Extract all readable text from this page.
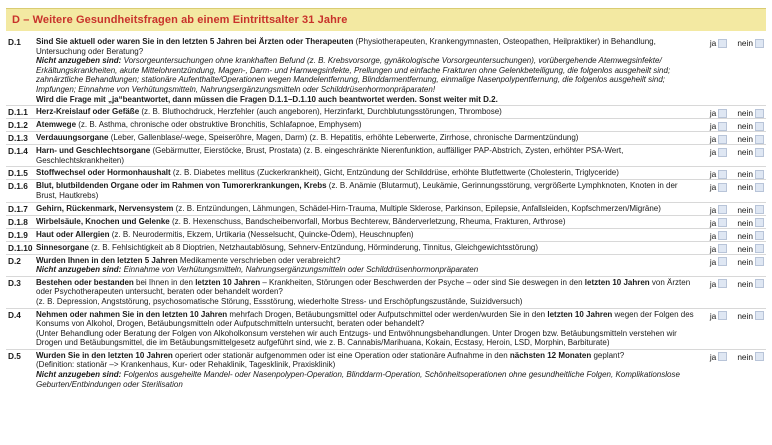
D – Weitere Gesundheitsfragen ab einem Eintrittsalter 31 Jahre
D.1	Sind Sie aktuell oder waren Sie in den letzten 5 Jahren bei Ärzten oder Therapeuten (Physiotherapeuten, Krankengymnasten, Osteopathen, Heilpraktiker) in Behandlung, Untersuchung oder Beratung?
Nicht anzugeben sind: Vorsorgeuntersuchungen ohne krankhaften Befund (z. B. Krebsvorsorge, gynäkologische Vorsorgeuntersuchungen), vorübergehende Atemwegsinfekte/ Erkältungskrankheiten, akute Mittelohrentzündung, Magen-, Darm- und Harnwegsinfekte, Prellungen und einfache Frakturen ohne Gelenkbeteiligung, die folgenlos ausgeheilt sind; zahnärztliche Behandlungen; stationäre Aufenthalte/Operationen wegen Mandelentfernung, Blinddarmentfernung, einmalige Nasenpolypentfernung, die folgenlos ausgeheilt sind; Impfungen; Einnahme von Verhütungsmitteln, Nahrungsergänzungsmitteln oder Schilddrüsenhormonpräparaten!
Wird die Frage mit „ja“beantwortet, dann müssen die Fragen D.1.1–D.1.10 auch beantwortet werden. Sonst weiter mit D.2.
ja	nein
D.1.1	Herz-Kreislauf oder Gefäße (z. B. Bluthochdruck, Herzfehler (auch angeboren), Herzinfarkt, Durchblutungsstörungen, Thrombose)	ja	nein
D.1.2	Atemwege (z. B. Asthma, chronische oder obstruktive Bronchitis, Schlafapnoe, Emphysem)	ja	nein
D.1.3	Verdauungsorgane (Leber, Gallenblase/-wege, Speiseröhre, Magen, Darm) (z. B. Hepatitis, erhöhte Leberwerte, Zirrhose, chronische Darmentzündung)	ja	nein
D.1.4	Harn- und Geschlechtsorgane (Gebärmutter, Eierstöcke, Brust, Prostata) (z. B. eingeschränkte Nierenfunktion, auffälliger PAP-Abstrich, Zysten, erhöhter PSA-Wert, Geschlechtskrankheiten)
ja	nein
D.1.5	Stoffwechsel oder Hormonhaushalt (z. B. Diabetes mellitus (Zuckerkrankheit), Gicht, Entzündung der Schilddrüse, erhöhte Blutfettwerte (Cholesterin, Triglyceride)	ja	nein
D.1.6	Blut, blutbildenden Organe oder im Rahmen von Tumorerkrankungen, Krebs (z. B. Anämie (Blutarmut), Leukämie, Gerinnungsstörung, vergrößerte Lymphknoten, Knoten in der Brust, Hautkrebs)
ja	nein
D.1.7	Gehirn, Rückenmark, Nervensystem (z. B. Entzündungen, Lähmungen, Schädel-Hirn-Trauma, Multiple Sklerose, Parkinson, Epilepsie, Anfallsleiden, Kopfschmerzen/Migräne)	ja	nein
D.1.8	Wirbelsäule, Knochen und Gelenke (z. B. Hexenschuss, Bandscheibenvorfall, Morbus Bechterew, Bänderverletzung, Rheuma, Frakturen, Arthrose)	ja	nein
D.1.9	Haut oder Allergien (z. B. Neurodermitis, Ekzem, Urtikaria (Nesselsucht, Quincke-Ödem), Heuschnupfen)	ja	nein
D.1.10 Sinnesorgane (z. B. Fehlsichtigkeit ab 8 Dioptrien, Netzhautablösung, Sehnerv-Entzündung, Hörminderung, Tinnitus, Gleichgewichtsstörung)	ja	nein
D.2	Wurden Ihnen in den letzten 5 Jahren Medikamente verschrieben oder verabreicht?
Nicht anzugeben sind: Einnahme von Verhütungsmitteln, Nahrungsergänzungsmitteln oder Schilddrüsenhormonpräparaten
ja	nein
D.3	Bestehen oder bestanden bei Ihnen in den letzten 10 Jahren – Krankheiten, Störungen oder Beschwerden der Psyche – oder sind Sie deswegen in den letzten 10 Jahren von Ärzten oder Psychotherapeuten untersucht, beraten oder behandelt worden?
(z. B. Depression, Angststörung, psychosomatische Störung, Essstörung, wiederholte Stress- und Erschöpfungszustände, Suizidversuch)
ja	nein
D.4	Nehmen oder nahmen Sie in den letzten 10 Jahren mehrfach Drogen, Betäubungsmittel oder Aufputschmittel oder werden/wurden Sie in den letzten 10 Jahren wegen der Folgen des Konsums von Alkohol, Drogen, Betäubungsmitteln oder Aufputschmitteln untersucht, beraten oder behandelt?
(Unter Behandlung oder Beratung der Folgen von Alkoholkonsum verstehen wir auch Entzugs- und Entwöhnungsbehandlungen. Unter Drogen bzw. Betäubungsmitteln verstehen wir Drogen und Betäubungsmittel, die im Betäubungsmittelgesetz aufgeführt sind, wie z. B. Cannabis/Marihuana, Kokain, Ecstasy, Heroin, LSD, Morphin, Barbiturate)
ja	nein
D.5	Wurden Sie in den letzten 10 Jahren operiert oder stationär aufgenommen oder ist eine Operation oder stationäre Aufnahme in den nächsten 12 Monaten geplant?
(Definition: stationär –> Krankenhaus, Kur- oder Rehaklinik, Tagesklinik, Praxisklinik)
Nicht anzugeben sind: Folgenlos ausgeheilte Mandel- oder Nasenpolypen-Operation, Blinddarm-Operation, Schönheitsoperationen ohne gesundheitliche Folgen, Komplikationslose Geburten/Entbindungen oder Sterilisation
ja	nein
